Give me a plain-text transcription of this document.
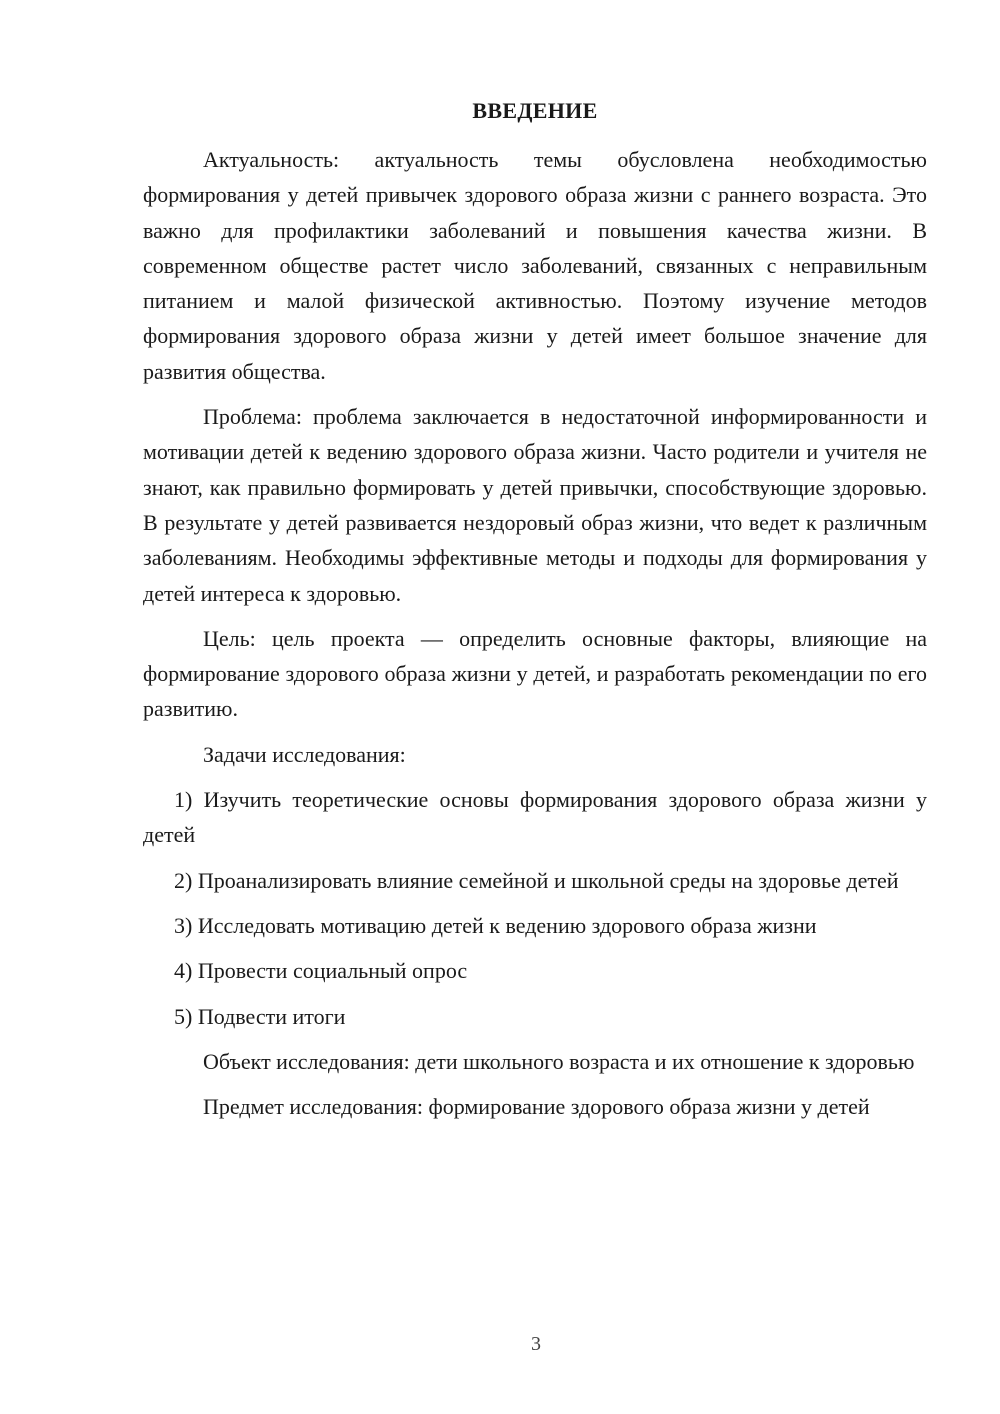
ВВЕДЕНИЕ

Актуальность: актуальность темы обусловлена необходимостью формирования у детей привычек здорового образа жизни с раннего возраста. Это важно для профилактики заболеваний и повышения качества жизни. В современном обществе растет число заболеваний, связанных с неправильным питанием и малой физической активностью. Поэтому изучение методов формирования здорового образа жизни у детей имеет большое значение для развития общества.

Проблема: проблема заключается в недостаточной информированности и мотивации детей к ведению здорового образа жизни. Часто родители и учителя не знают, как правильно формировать у детей привычки, способствующие здоровью. В результате у детей развивается нездоровый образ жизни, что ведет к различным заболеваниям. Необходимы эффективные методы и подходы для формирования у детей интереса к здоровью.

Цель: цель проекта — определить основные факторы, влияющие на формирование здорового образа жизни у детей, и разработать рекомендации по его развитию.

Задачи исследования:

1) Изучить теоретические основы формирования здорового образа жизни у детей

2) Проанализировать влияние семейной и школьной среды на здоровье детей

3) Исследовать мотивацию детей к ведению здорового образа жизни

4) Провести социальный опрос

5) Подвести итоги

Объект исследования: дети школьного возраста и их отношение к здоровью

Предмет исследования: формирование здорового образа жизни у детей

3
